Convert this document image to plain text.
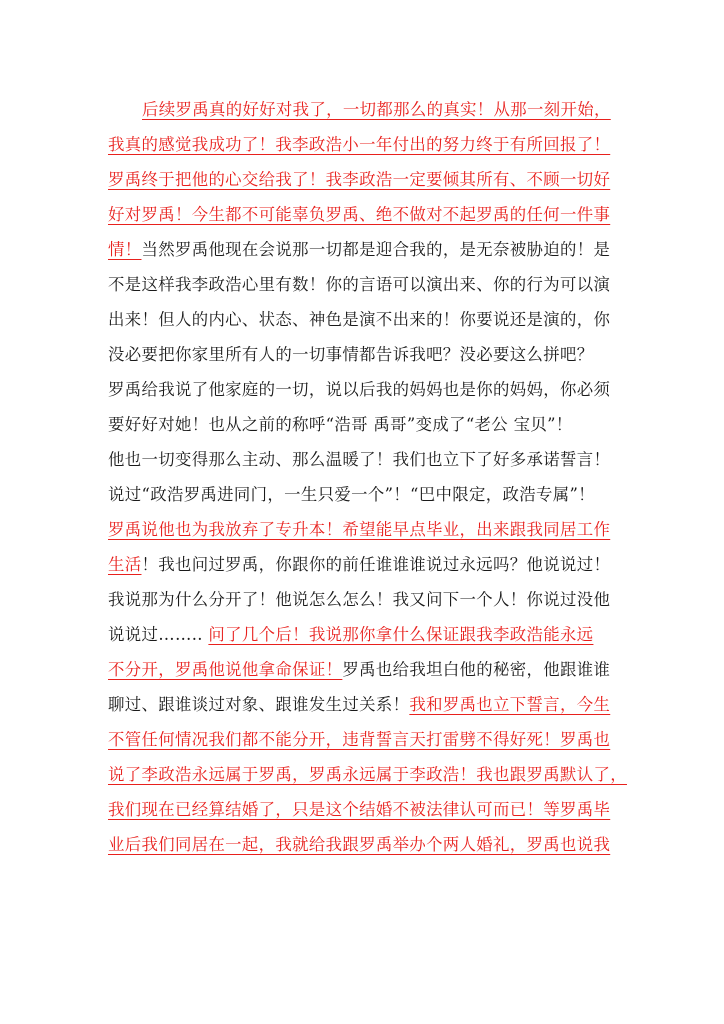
后续罗禹真的好好对我了，一切都那么的真实！从那一刻开始，
我真的感觉我成功了！我李政浩小一年付出的努力终于有所回报了！
罗禹终于把他的心交给我了！我李政浩一定要倾其所有、不顾一切好
好对罗禹！今生都不可能辜负罗禹、绝不做对不起罗禹的任何一件事
情！当然罗禹他现在会说那一切都是迎合我的，是无奈被胁迫的！是
不是这样我李政浩心里有数！你的言语可以演出来、你的行为可以演
出来！但人的内心、状态、神色是演不出来的！你要说还是演的，你
没必要把你家里所有人的一切事情都告诉我吧？没必要这么拼吧？
罗禹给我说了他家庭的一切，说以后我的妈妈也是你的妈妈，你必须
要好好对她！也从之前的称呼“浩哥 禹哥”变成了“老公 宝贝”！
他也一切变得那么主动、那么温暖了！我们也立下了好多承诺誓言！
说过“政浩罗禹进同门，一生只爱一个”！“巴中限定，政浩专属”！
罗禹说他也为我放弃了专升本！希望能早点毕业，出来跟我同居工作
生活！我也问过罗禹，你跟你的前任谁谁谁说过永远吗？他说说过！
我说那为什么分开了！他说怎么怎么！我又问下一个人！你说过没他
说说过…….. 问了几个后！我说那你拿什么保证跟我李政浩能永远
不分开，罗禹他说他拿命保证！罗禹也给我坦白他的秘密，他跟谁谁
聊过、跟谁谈过对象、跟谁发生过关系！我和罗禹也立下誓言，今生
不管任何情况我们都不能分开，违背誓言天打雷劈不得好死！罗禹也
说了李政浩永远属于罗禹，罗禹永远属于李政浩！我也跟罗禹默认了，
我们现在已经算结婚了，只是这个结婚不被法律认可而已！等罗禹毕
业后我们同居在一起，我就给我跟罗禹举办个两人婚礼，罗禹也说我
